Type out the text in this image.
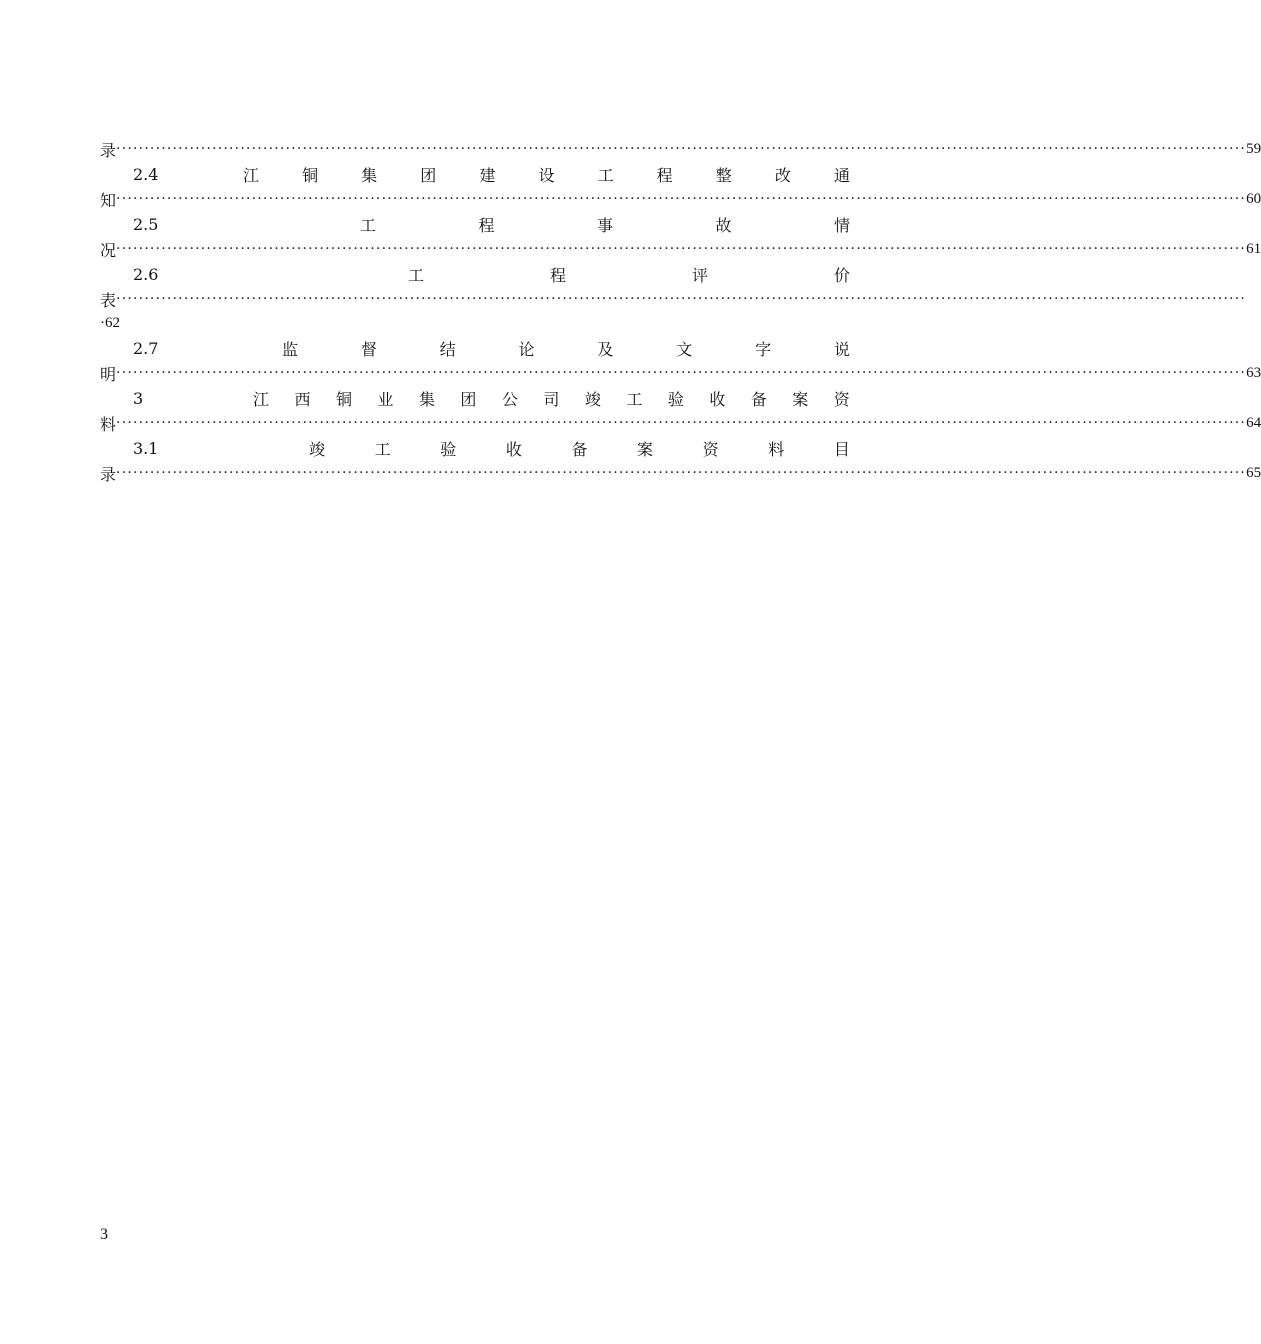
录 ········································································································································································································ 59
2.4	江	铜	集	团	建	设	工	程	整	改	通
知 ········································································································································································································ 60
2.5	工	程	事	故	情
况 ········································································································································································································ 61
2.6	工	程	评	价
表 ········································································································································································································
·62
2.7	监	督	结	论	及	文	字	说
明 ········································································································································································································ 63
3	江 西 铜 业 集 团 公 司 竣 工 验 收 备 案 资
料 ········································································································································································································ 64
3.1	竣	工	验	收	备	案	资	料	目
录 ········································································································································································································ 65
3
